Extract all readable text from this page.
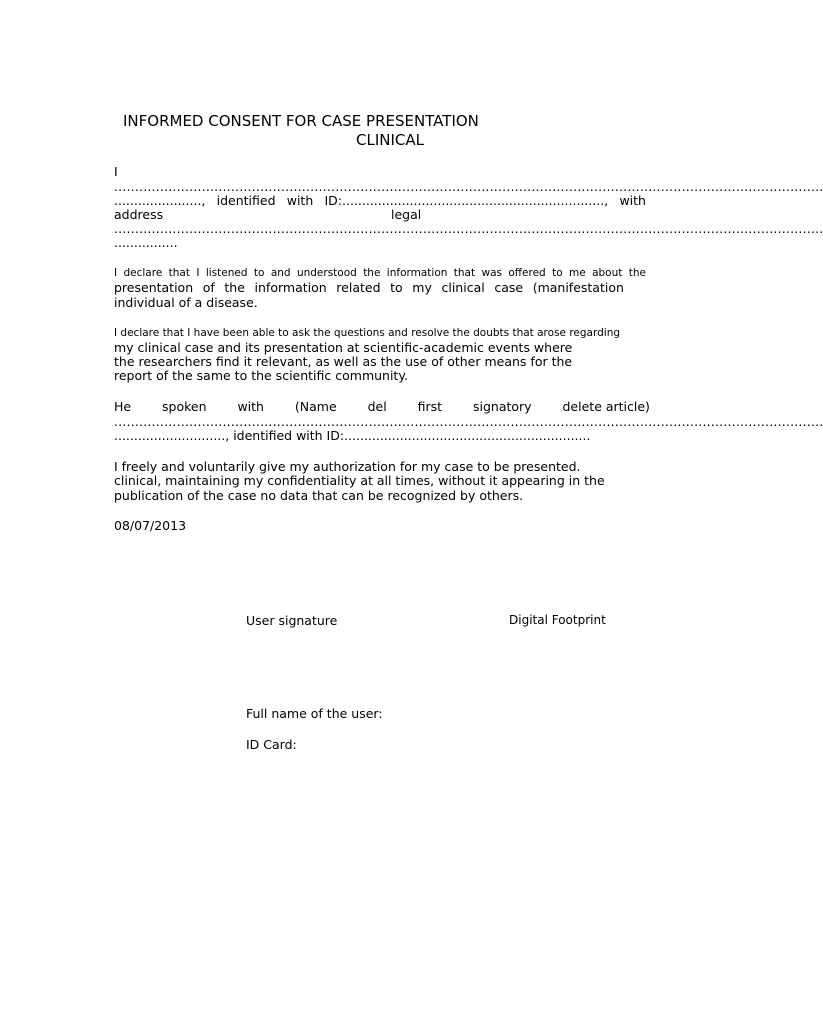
INFORMED CONSENT FOR CASE PRESENTATION
CLINICAL
I
..........................................................................................................................................................................
......................, identified with ID:.................................................................., with
address	legal
..........................................................................................................................................................................
................
I declare that I listened to and understood the information that was offered to me about the
presentation of the information related to my clinical case (manifestation
individual of a disease.
I declare that I have been able to ask the questions and resolve the doubts that arose regarding
my clinical case and its presentation at scientific-academic events where
the researchers find it relevant, as well as the use of other means for the
report of the same to the scientific community.
He spoken with (Name del first signatory delete article)
..........................................................................................................................................................................
............................, identified with ID:..............................................................
I freely and voluntarily give my authorization for my case to be presented.
clinical, maintaining my confidentiality at all times, without it appearing in the
publication of the case no data that can be recognized by others.
08/07/2013
User signature	Digital Footprint
Full name of the user:
ID Card:
